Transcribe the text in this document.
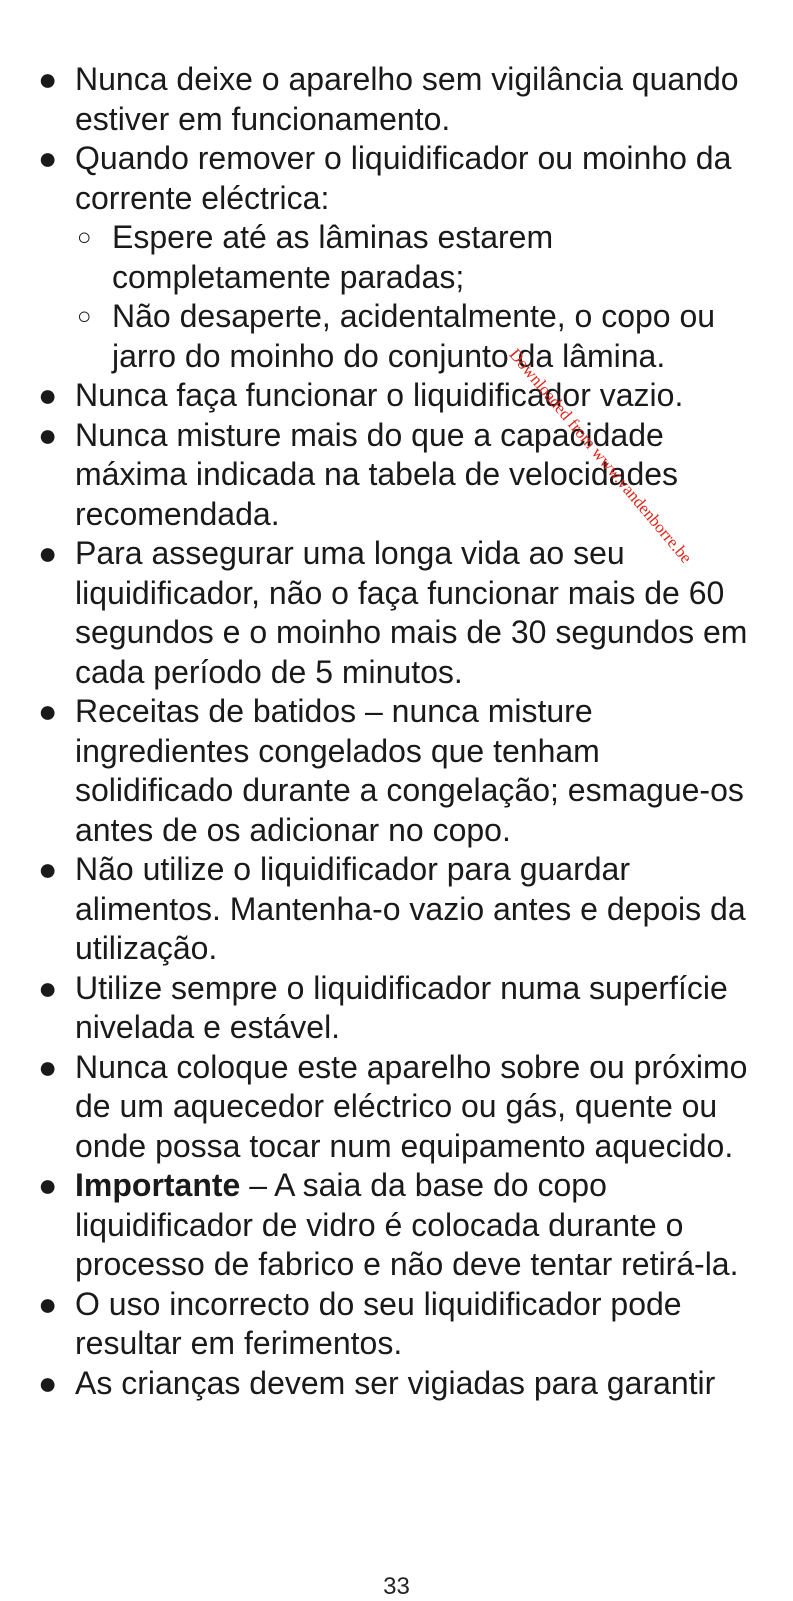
● Nunca deixe o aparelho sem vigilância quando estiver em funcionamento.
● Quando remover o liquidificador ou moinho da corrente eléctrica:
○ Espere até as lâminas estarem completamente paradas;
○ Não desaperte, acidentalmente, o copo ou jarro do moinho do conjunto da lâmina.
● Nunca faça funcionar o liquidificador vazio.
● Nunca misture mais do que a capacidade máxima indicada na tabela de velocidades recomendada.
● Para assegurar uma longa vida ao seu liquidificador, não o faça funcionar mais de 60 segundos e o moinho mais de 30 segundos em cada período de 5 minutos.
● Receitas de batidos – nunca misture ingredientes congelados que tenham solidificado durante a congelação; esmague-os antes de os adicionar no copo.
● Não utilize o liquidificador para guardar alimentos. Mantenha-o vazio antes e depois da utilização.
● Utilize sempre o liquidificador numa superfície nivelada e estável.
● Nunca coloque este aparelho sobre ou próximo de um aquecedor eléctrico ou gás, quente ou onde possa tocar num equipamento aquecido.
● Importante – A saia da base do copo liquidificador de vidro é colocada durante o processo de fabrico e não deve tentar retirá-la.
● O uso incorrecto do seu liquidificador pode resultar em ferimentos.
● As crianças devem ser vigiadas para garantir
Downloaded from www.vandenborre.be
33
